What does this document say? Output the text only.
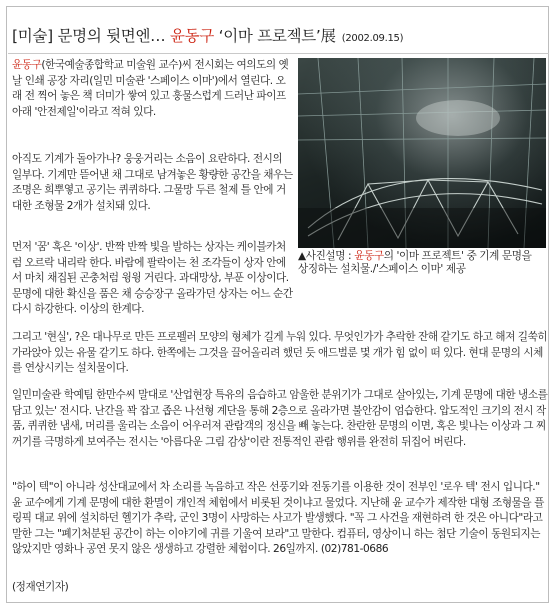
[미술] 문명의 뒷면엔… 윤동구 ‘이마 프로젝트’展 (2002.09.15)

▲사진설명 : 윤동구의 '이마 프로젝트' 중 기계 문명을 상징하는 설치물./'스페이스 이마' 제공

윤동구(한국예술종합학교 미술원 교수)씨 전시회는 여의도의 옛날 인쇄 공장 자리(일민 미술관 '스페이스 이마')에서 열린다. 오래 전 찍어 놓은 책 더미가 쌓여 있고 훙물스럽게 드러난 파이프 아래 '안전제일'이라고 적혀 있다.

아직도 기계가 돌아가나? 웅웅거리는 소음이 요란하다. 전시의 일부다. 기계만 뜯어낸 채 그대로 남겨놓은 황량한 공간을 채우는 조명은 희뿌옇고 공기는 퀴퀴하다. 그물망 두른 철제 틀 안에 거대한 조형물 2개가 설치돼 있다.

먼저 '꿈' 혹은 '이상'. 반짝 반짝 빛을 발하는 상자는 케이블카처럼 오르락 내리락 한다. 바람에 팔락이는 천 조각들이 상자 안에서 마치 채집된 곤충처럼 윙윙 거린다. 과대망상, 부푼 이상이다. 문명에 대한 확신을 품은 채 승승장구 올라가던 상자는 어느 순간 다시 하강한다. 이상의 한계다.

그리고 '현실', ?은 대나무로 만든 프로펠러 모양의 형체가 길게 누워 있다. 무엇인가가 추락한 잔해 같기도 하고 해져 길쑥히 가라앉아 있는 유물 같기도 하다. 한쪽에는 그것을 끌어올리려 했던 듯 애드벌룬 몇 개가 힘 없이 떠 있다. 현대 문명의 시체를 연상시키는 설치물이다.

일민미술관 학예팀 한만수씨 말대로 '산업현장 특유의 음습하고 암울한 분위기가 그대로 살아있는, 기계 문명에 대한 냉소를 담고 있는' 전시다. 난간을 꽉 잡고 좁은 나선형 계단을 통해 2층으로 올라가면 불안감이 엄습한다. 압도적인 크기의 전시 작품, 퀴퀴한 냄새, 머리를 울리는 소음이 어우러져 관람객의 정신을 빼 놓는다. 찬란한 문명의 이면, 혹은 빛나는 이상과 그 찌꺼기를 극명하게 보여주는 전시는 '아름다운 그림 감상'이란 전통적인 관람 행위를 완전히 뒤집어 버린다.

"하이 텍"이 아니라 성산대교에서 차 소리를 녹음하고 작은 선풍기와 전동기를 이용한 것이 전부인 '로우 텍' 전시 입니다." 윤 교수에게 기계 문명에 대한 환멸이 개인적 체험에서 비롯된 것이냐고 물었다. 지난해 윤 교수가 제작한 대형 조형물을 플링픽 대교 위에 설치하던 헬기가 추락, 군인 3명이 사망하는 사고가 발생했다. "꼭 그 사건을 재현하려 한 것은 아니다"라고 말한 그는 "폐기처분된 공간이 하는 이야기에 귀를 기울여 보라"고 말한다. 컴퓨터, 영상이니 하는 첨단 기술이 동원되지는 않았지만 영화나 공연 못지 않은 생생하고 강렬한 체험이다. 26일까지. (02)781-0686

(정재연기자)
